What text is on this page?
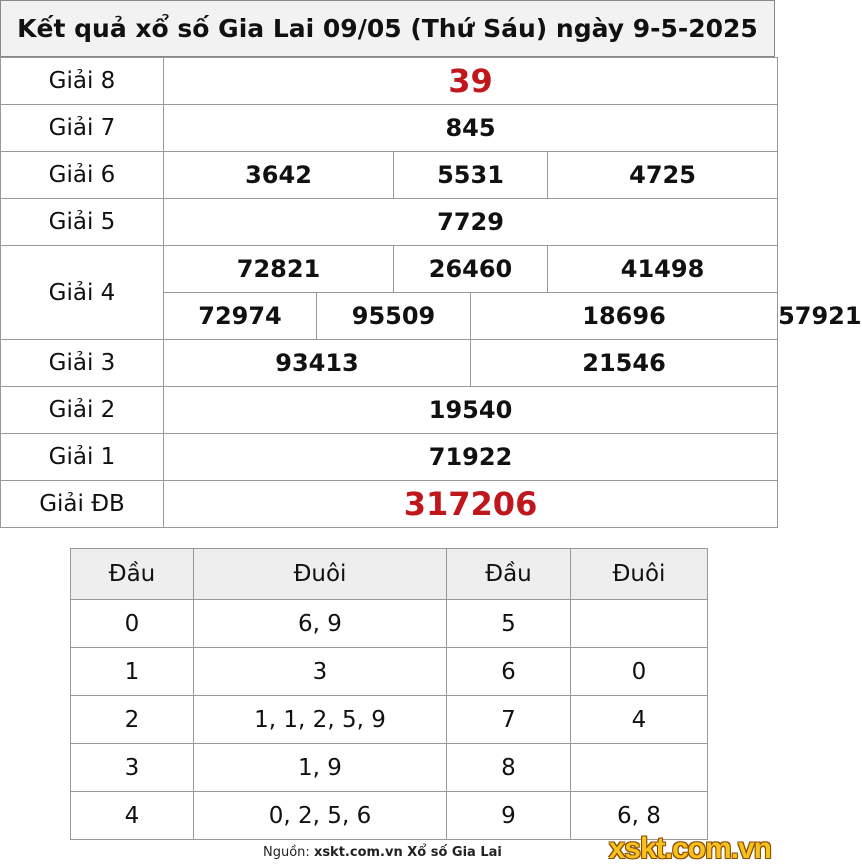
Kết quả xổ số Gia Lai 09/05 (Thứ Sáu) ngày 9-5-2025
Giải 8	39					
Giải 7	845					
Giải 6	3642		5531		4725	
Giải 5	7729					
Giải 4	72821		26460		41498	
	72974	95509		18696		57921
Giải 3	93413			21546		
Giải 2	19540					
Giải 1	71922					
Giải ĐB	317206					
Đầu	Đuôi	Đầu	Đuôi
0	6, 9	5	
1	3	6	0
2	1, 1, 2, 5, 9	7	4
3	1, 9	8	
4	0, 2, 5, 6	9	6, 8
Nguồn: xskt.com.vn Xổ số Gia Lai	xskt.com.vn
